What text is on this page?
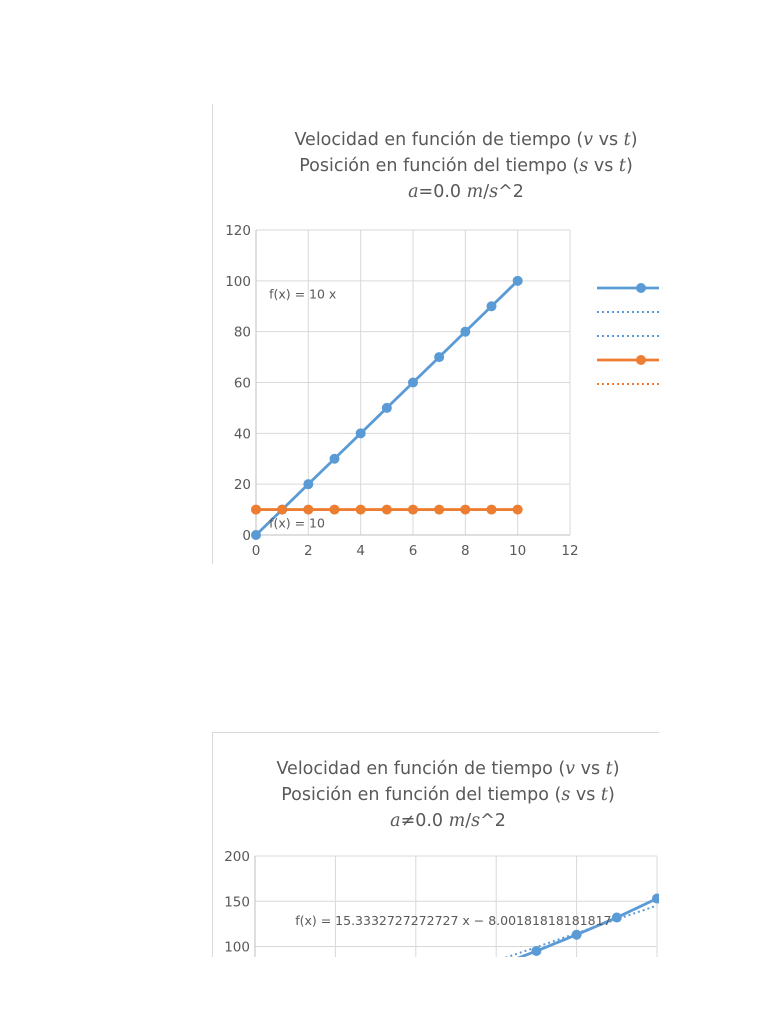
Velocidad en función de tiempo (v vs t)
Posición en función del tiempo (s vs t)
a=0.0 m/s^2
0
20
40
60
80
100
120
0	2	4	6	8	10	12
f(x) = 10 x
f(x) = 10
Velocidad en función de tiempo (v vs t)
Posición en función del tiempo (s vs t)
a≠0.0 m/s^2
100
150
200
f(x) = 15.3332727272727 x − 8.00181818181817
